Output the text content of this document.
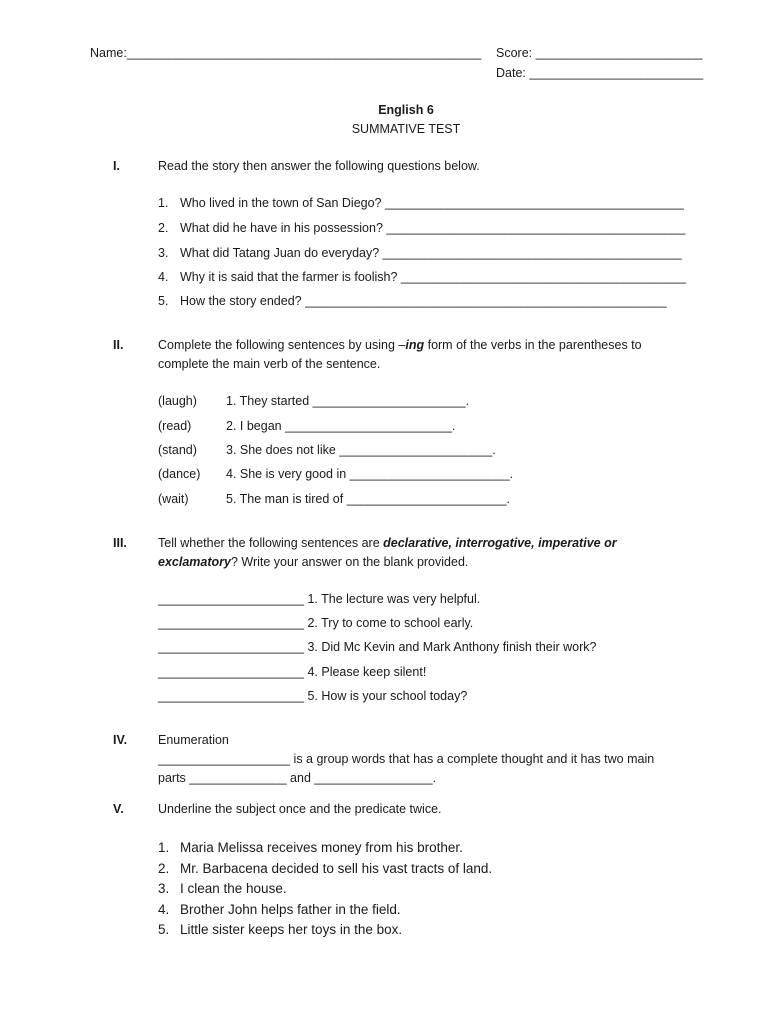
Name:___________________________________________________ Score: ________________________
Date: _________________________
English 6
SUMMATIVE TEST
I.	Read the story then answer the following questions below.
1. Who lived in the town of San Diego? ___________________________________________
2. What did he have in his possession? ___________________________________________
3. What did Tatang Juan do everyday? ___________________________________________
4. Why it is said that the farmer is foolish? _________________________________________
5. How the story ended? ____________________________________________________
II.	Complete the following sentences by using –ing form of the verbs in the parentheses to
complete the main verb of the sentence.
(laugh) 1. They started ______________________.
(read)	2. I began ________________________.
(stand) 3. She does not like ______________________.
(dance) 4. She is very good in _______________________.
(wait)	5. The man is tired of _______________________.
III. Tell whether the following sentences are declarative, interrogative, imperative or
exclamatory? Write your answer on the blank provided.
_____________________ 1. The lecture was very helpful.
_____________________ 2. Try to come to school early.
_____________________ 3. Did Mc Kevin and Mark Anthony finish their work?
_____________________ 4. Please keep silent!
_____________________ 5. How is your school today?
IV. Enumeration
___________________ is a group words that has a complete thought and it has two main
parts ______________ and _________________.
V.	Underline the subject once and the predicate twice.
1. Maria Melissa receives money from his brother.
2. Mr. Barbacena decided to sell his vast tracts of land.
3. I clean the house.
4. Brother John helps father in the field.
5. Little sister keeps her toys in the box.
